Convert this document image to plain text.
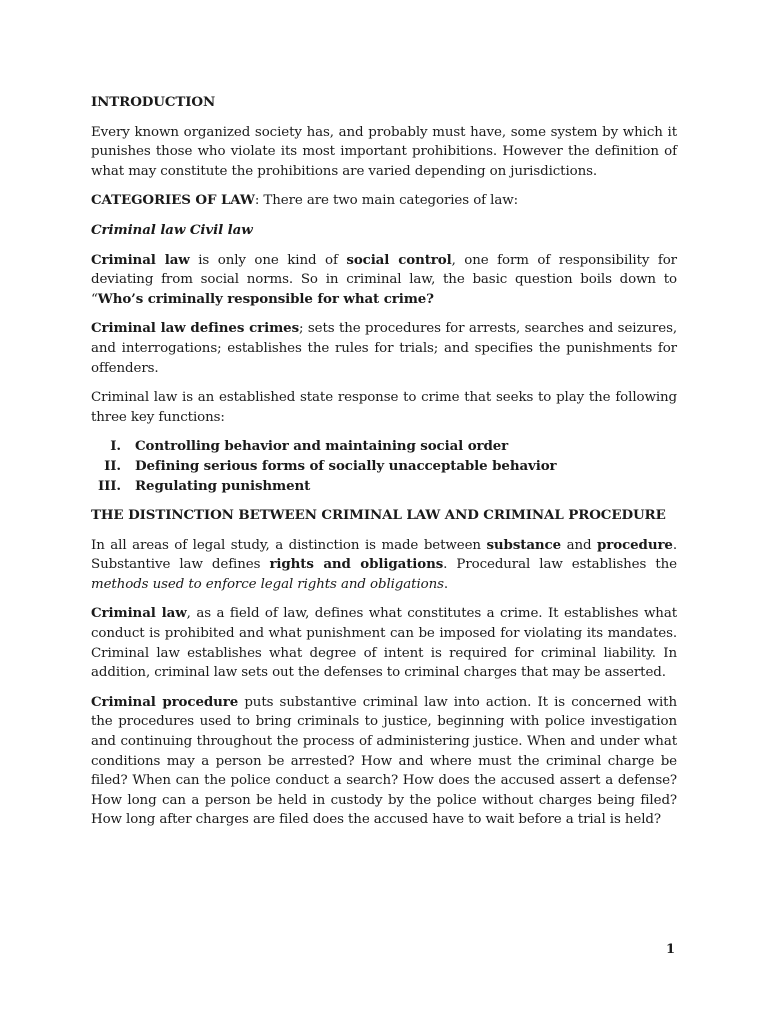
INTRODUCTION

Every known organized society has, and probably must have, some system by which it punishes those who violate its most important prohibitions. However the definition of what may constitute the prohibitions are varied depending on jurisdictions.

CATEGORIES OF LAW: There are two main categories of law:

Criminal law Civil law

Criminal law is only one kind of social control, one form of responsibility for deviating from social norms. So in criminal law, the basic question boils down to “Who’s criminally responsible for what crime?

Criminal law defines crimes; sets the procedures for arrests, searches and seizures, and interrogations; establishes the rules for trials; and specifies the punishments for offenders.

Criminal law is an established state response to crime that seeks to play the following three key functions:

I.	Controlling behavior and maintaining social order
II.	Defining serious forms of socially unacceptable behavior
III.	Regulating punishment

THE DISTINCTION BETWEEN CRIMINAL LAW AND CRIMINAL PROCEDURE

In all areas of legal study, a distinction is made between substance and procedure. Substantive law defines rights and obligations. Procedural law establishes the methods used to enforce legal rights and obligations.

Criminal law, as a field of law, defines what constitutes a crime. It establishes what conduct is prohibited and what punishment can be imposed for violating its mandates. Criminal law establishes what degree of intent is required for criminal liability. In addition, criminal law sets out the defenses to criminal charges that may be asserted.

Criminal procedure puts substantive criminal law into action. It is concerned with the procedures used to bring criminals to justice, beginning with police investigation and continuing throughout the process of administering justice. When and under what conditions may a person be arrested? How and where must the criminal charge be filed? When can the police conduct a search? How does the accused assert a defense? How long can a person be held in custody by the police without charges being filed? How long after charges are filed does the accused have to wait before a trial is held?

1
